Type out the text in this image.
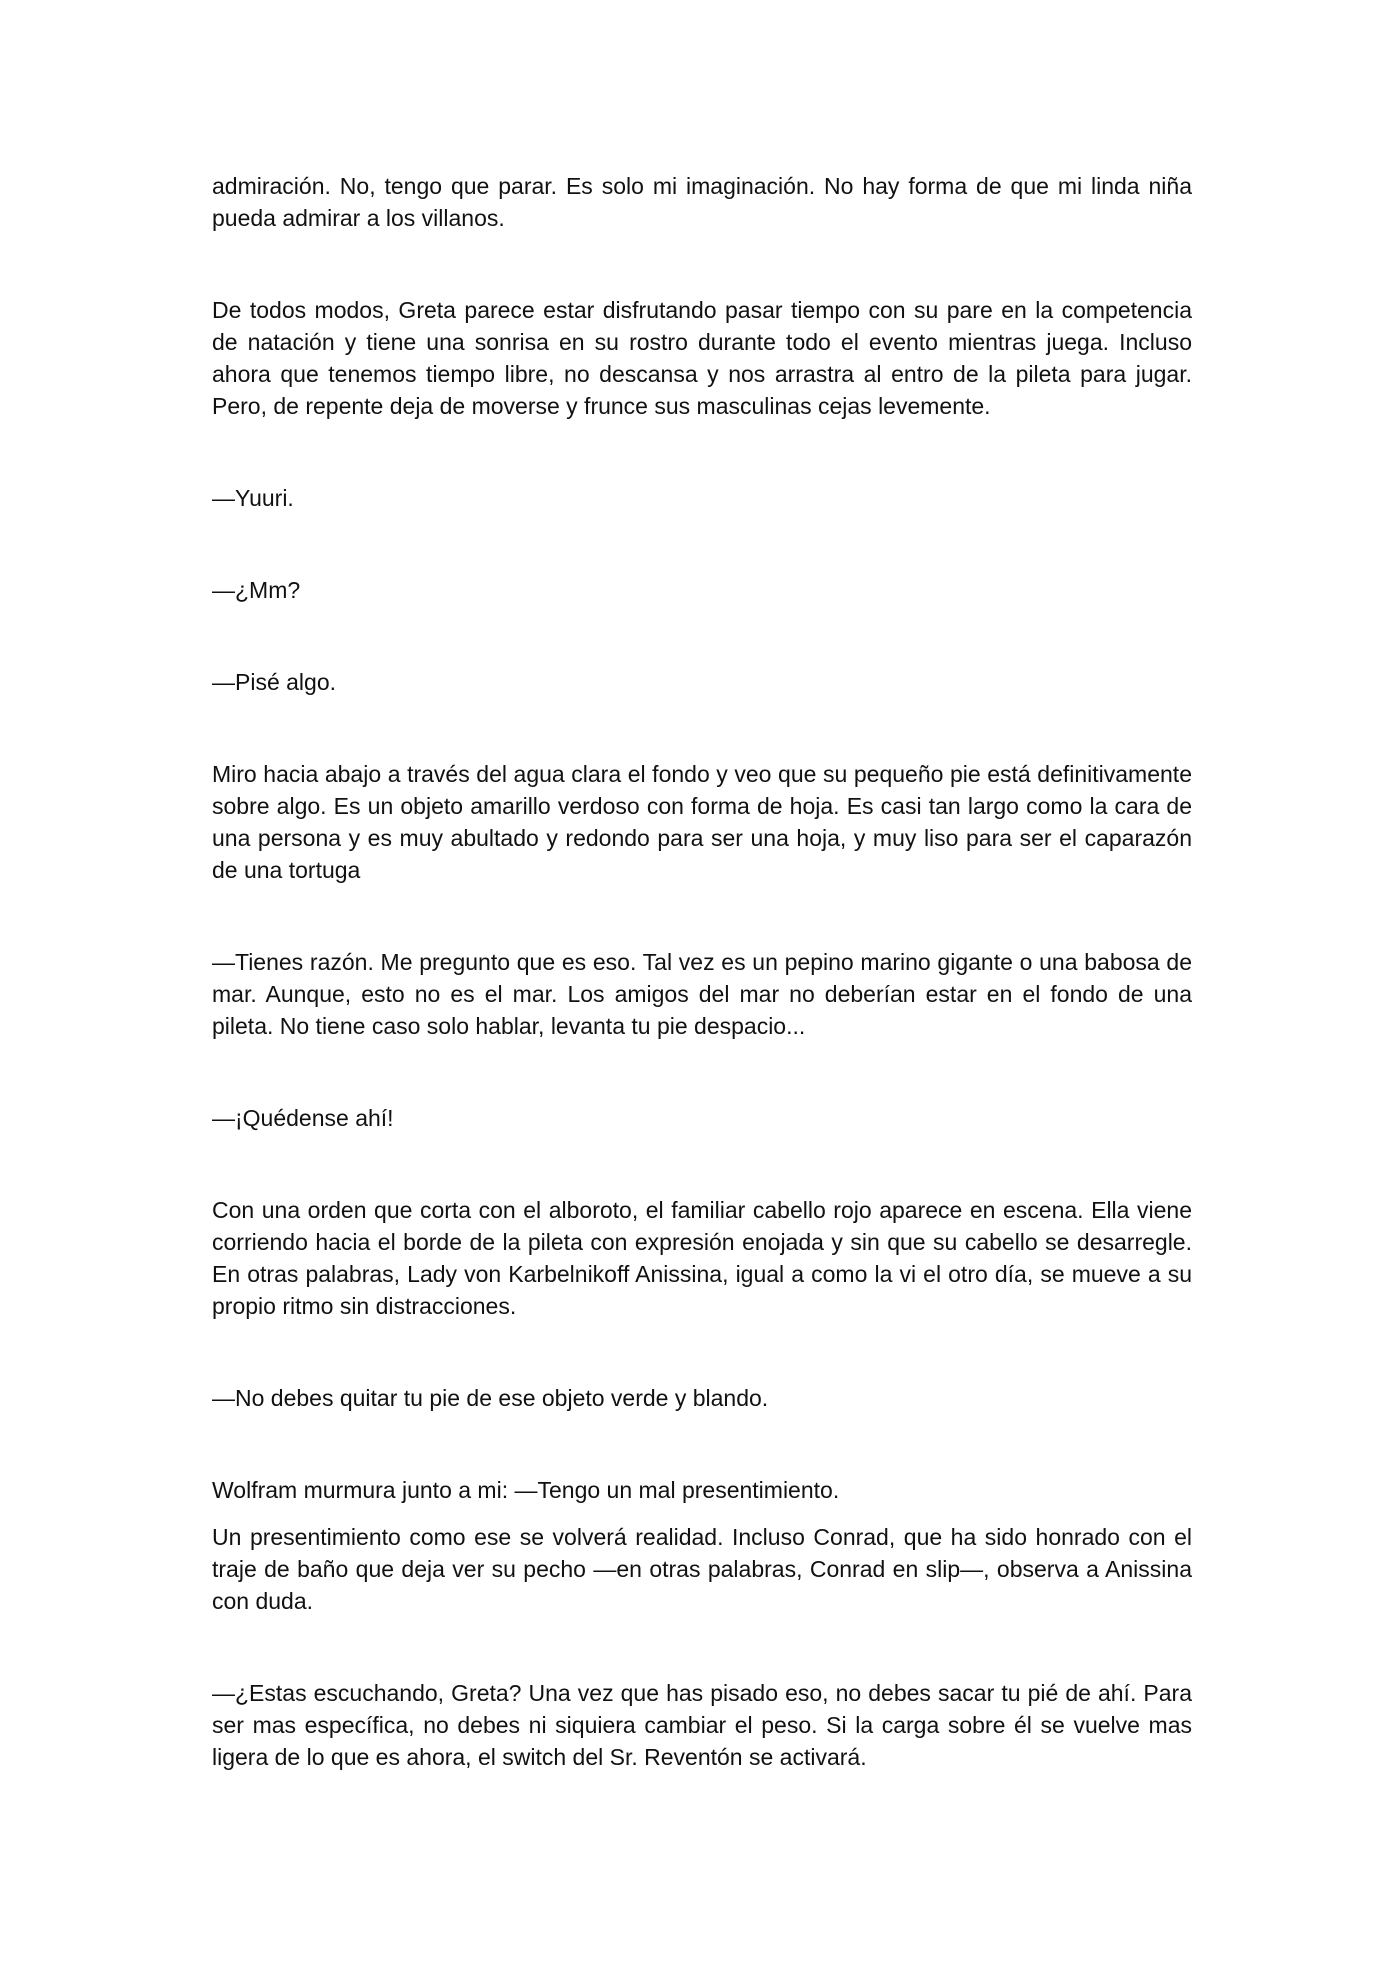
admiración. No, tengo que parar. Es solo mi imaginación. No hay forma de que mi linda niña pueda admirar a los villanos.

De todos modos, Greta parece estar disfrutando pasar tiempo con su pare en la competencia de natación y tiene una sonrisa en su rostro durante todo el evento mientras juega. Incluso ahora que tenemos tiempo libre, no descansa y nos arrastra al entro de la pileta para jugar. Pero, de repente deja de moverse y frunce sus masculinas cejas levemente.

—Yuuri.

—¿Mm?

—Pisé algo.

Miro hacia abajo a través del agua clara el fondo y veo que su pequeño pie está definitivamente sobre algo. Es un objeto amarillo verdoso con forma de hoja. Es casi tan largo como la cara de una persona y es muy abultado y redondo para ser una hoja, y muy liso para ser el caparazón de una tortuga

—Tienes razón. Me pregunto que es eso. Tal vez es un pepino marino gigante o una babosa de mar. Aunque, esto no es el mar. Los amigos del mar no deberían estar en el fondo de una pileta. No tiene caso solo hablar, levanta tu pie despacio...

—¡Quédense ahí!

Con una orden que corta con el alboroto, el familiar cabello rojo aparece en escena. Ella viene corriendo hacia el borde de la pileta con expresión enojada y sin que su cabello se desarregle. En otras palabras, Lady von Karbelnikoff Anissina, igual a como la vi el otro día, se mueve a su propio ritmo sin distracciones.

—No debes quitar tu pie de ese objeto verde y blando.

Wolfram murmura junto a mi: —Tengo un mal presentimiento.

Un presentimiento como ese se volverá realidad. Incluso Conrad, que ha sido honrado con el traje de baño que deja ver su pecho —en otras palabras, Conrad en slip—, observa a Anissina con duda.

—¿Estas escuchando, Greta? Una vez que has pisado eso, no debes sacar tu pié de ahí. Para ser mas específica, no debes ni siquiera cambiar el peso. Si la carga sobre él se vuelve mas ligera de lo que es ahora, el switch del Sr. Reventón se activará.
